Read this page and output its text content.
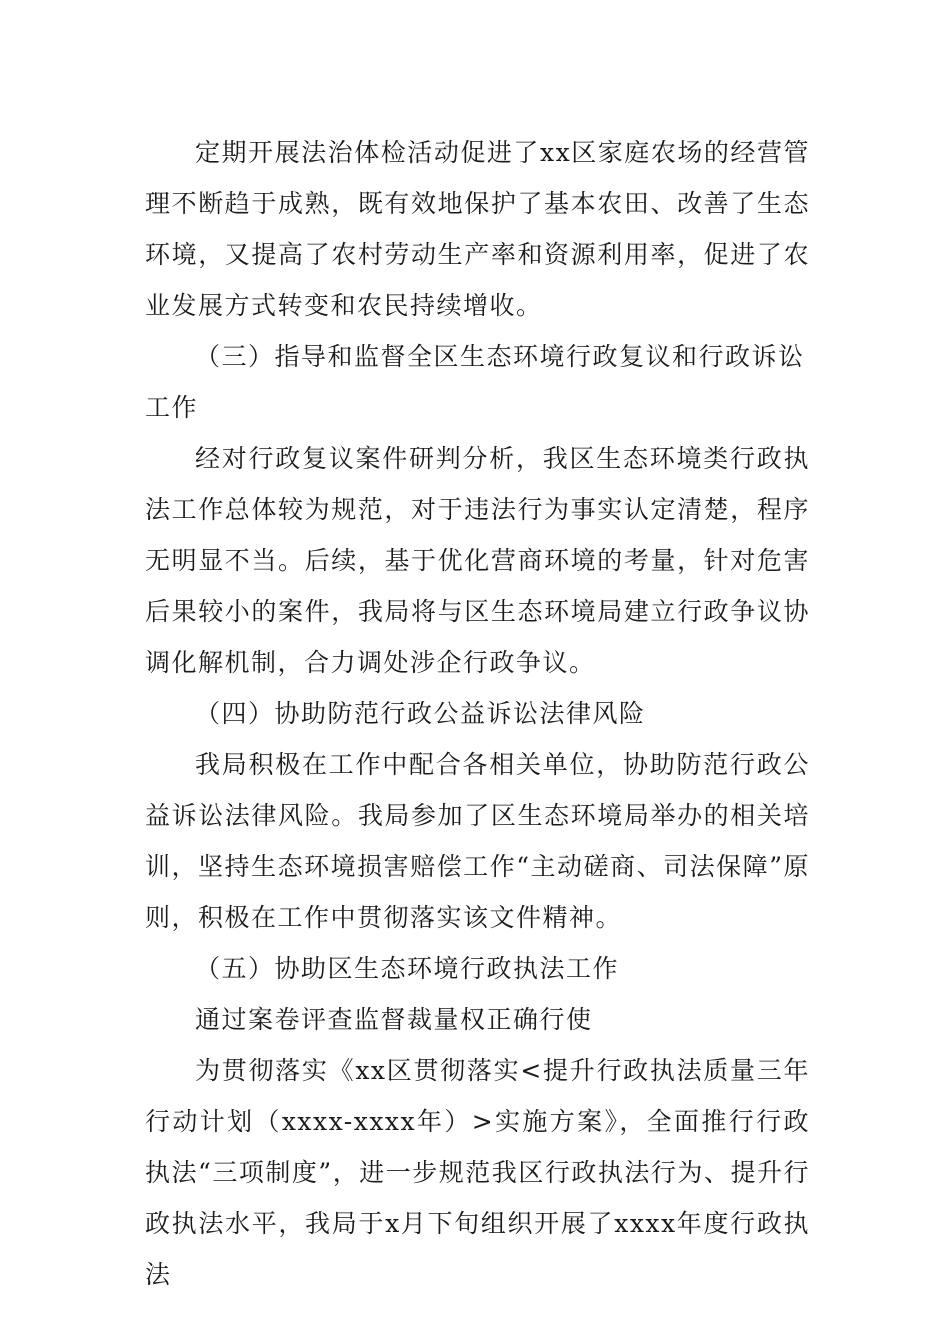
定期开展法治体检活动促进了xx区家庭农场的经营管理不断趋于成熟，既有效地保护了基本农田、改善了生态环境，又提高了农村劳动生产率和资源利用率，促进了农业发展方式转变和农民持续增收。

（三）指导和监督全区生态环境行政复议和行政诉讼工作

经对行政复议案件研判分析，我区生态环境类行政执法工作总体较为规范，对于违法行为事实认定清楚，程序无明显不当。后续，基于优化营商环境的考量，针对危害后果较小的案件，我局将与区生态环境局建立行政争议协调化解机制，合力调处涉企行政争议。

（四）协助防范行政公益诉讼法律风险

我局积极在工作中配合各相关单位，协助防范行政公益诉讼法律风险。我局参加了区生态环境局举办的相关培训，坚持生态环境损害赔偿工作“主动磋商、司法保障”原则，积极在工作中贯彻落实该文件精神。

（五）协助区生态环境行政执法工作

通过案卷评查监督裁量权正确行使

为贯彻落实《xx区贯彻落实<提升行政执法质量三年行动计划（xxxx-xxxx年）>实施方案》，全面推行行政执法“三项制度”，进一步规范我区行政执法行为、提升行政执法水平，我局于x月下旬组织开展了xxxx年度行政执法
